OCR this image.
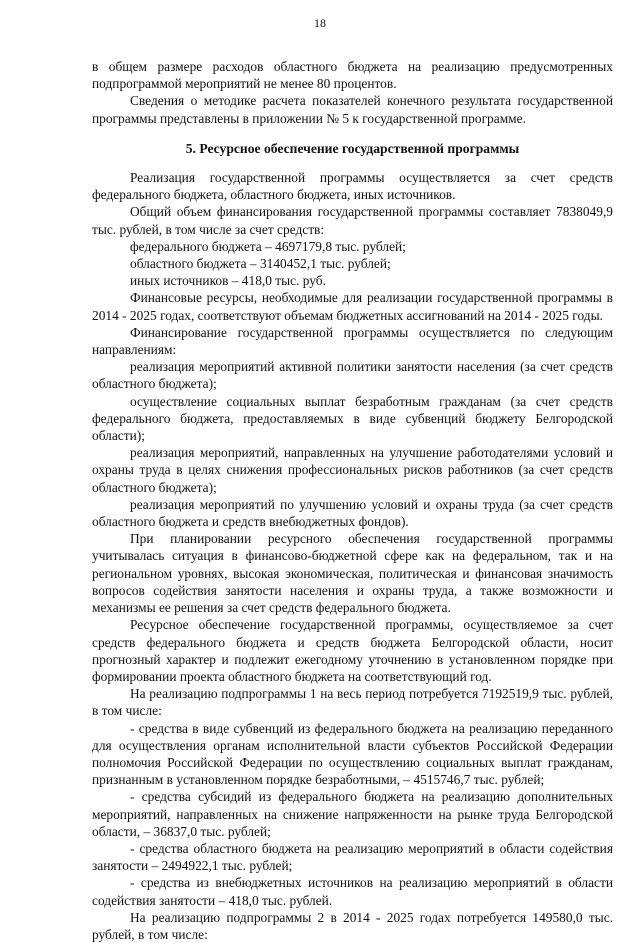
18

в общем размере расходов областного бюджета на реализацию предусмотренных подпрограммой мероприятий не менее 80 процентов.

Сведения о методике расчета показателей конечного результата государственной программы представлены в приложении № 5 к государственной программе.

5. Ресурсное обеспечение государственной программы

Реализация государственной программы осуществляется за счет средств федерального бюджета, областного бюджета, иных источников.

Общий объем финансирования государственной программы составляет 7838049,9 тыс. рублей, в том числе за счет средств:

федерального бюджета – 4697179,8 тыс. рублей;

областного бюджета – 3140452,1 тыс. рублей;

иных источников – 418,0 тыс. руб.

Финансовые ресурсы, необходимые для реализации государственной программы в 2014 - 2025 годах, соответствуют объемам бюджетных ассигнований на 2014 - 2025 годы.

Финансирование государственной программы осуществляется по следующим направлениям:

реализация мероприятий активной политики занятости населения (за счет средств областного бюджета);

осуществление социальных выплат безработным гражданам (за счет средств федерального бюджета, предоставляемых в виде субвенций бюджету Белгородской области);

реализация мероприятий, направленных на улучшение работодателями условий и охраны труда в целях снижения профессиональных рисков работников (за счет средств областного бюджета);

реализация мероприятий по улучшению условий и охраны труда (за счет средств областного бюджета и средств внебюджетных фондов).

При планировании ресурсного обеспечения государственной программы учитывалась ситуация в финансово-бюджетной сфере как на федеральном, так и на региональном уровнях, высокая экономическая, политическая и финансовая значимость вопросов содействия занятости населения и охраны труда, а также возможности и механизмы ее решения за счет средств федерального бюджета.

Ресурсное обеспечение государственной программы, осуществляемое за счет средств федерального бюджета и средств бюджета Белгородской области, носит прогнозный характер и подлежит ежегодному уточнению в установленном порядке при формировании проекта областного бюджета на соответствующий год.

На реализацию подпрограммы 1 на весь период потребуется 7192519,9 тыс. рублей, в том числе:

- средства в виде субвенций из федерального бюджета на реализацию переданного для осуществления органам исполнительной власти субъектов Российской Федерации полномочия Российской Федерации по осуществлению социальных выплат гражданам, признанным в установленном порядке безработными, – 4515746,7 тыс. рублей;

- средства субсидий из федерального бюджета на реализацию дополнительных мероприятий, направленных на снижение напряженности на рынке труда Белгородской области, – 36837,0 тыс. рублей;

- средства областного бюджета на реализацию мероприятий в области содействия занятости – 2494922,1 тыс. рублей;

- средства из внебюджетных источников на реализацию мероприятий в области содействия занятости – 418,0 тыс. рублей.

На реализацию подпрограммы 2 в 2014 - 2025 годах потребуется 149580,0 тыс. рублей, в том числе:
